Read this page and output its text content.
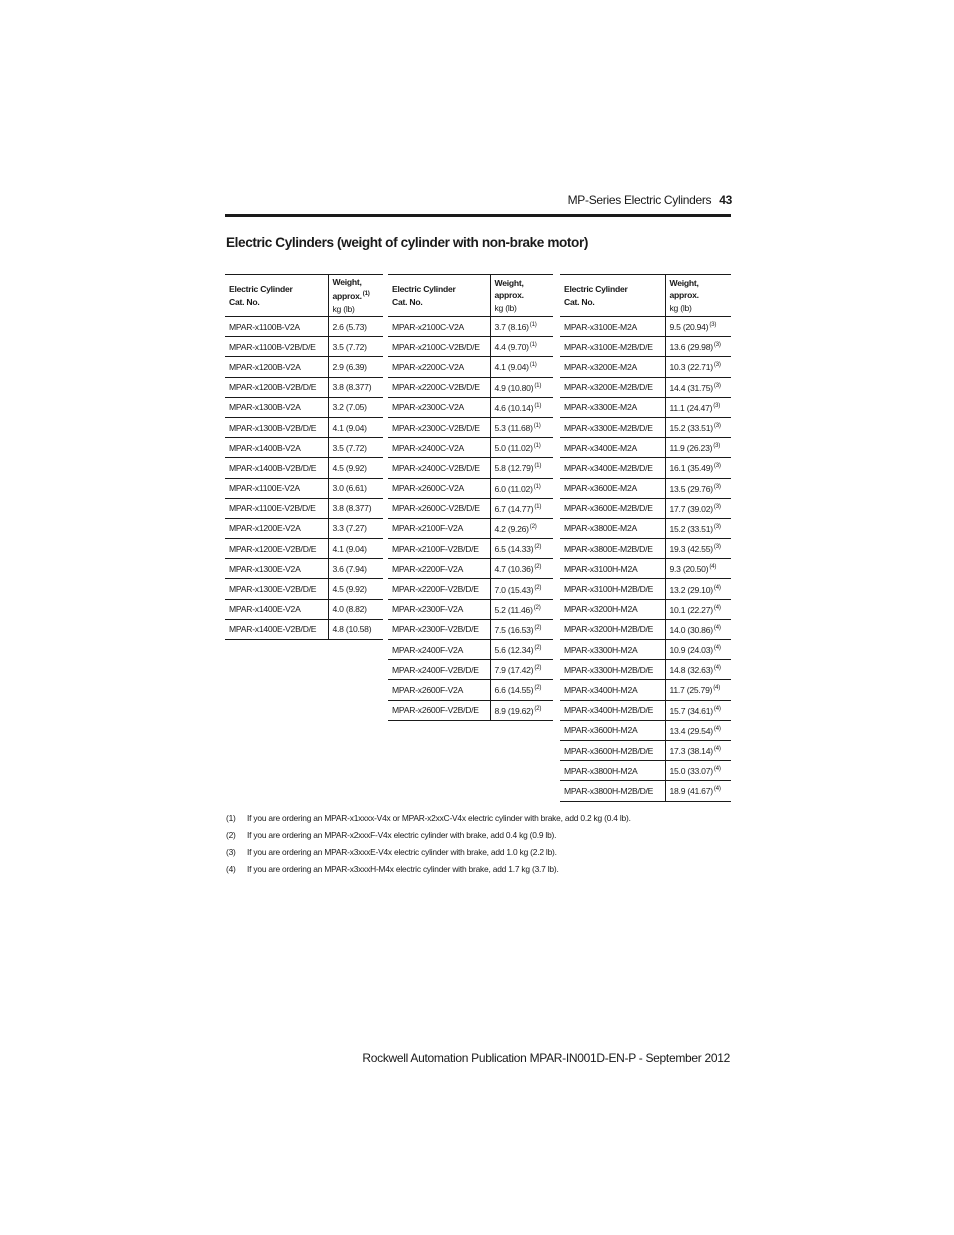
MP-Series Electric Cylinders 43
Electric Cylinders (weight of cylinder with non-brake motor)
Electric Cylinder
Cat. No.	Weight,
approx.$^{(1)}$
kg (lb)

MPAR-x1100B-V2A	2.6 (5.73)
MPAR-x1100B-V2B/D/E	3.5 (7.72)
MPAR-x1200B-V2A	2.9 (6.39)
MPAR-x1200B-V2B/D/E	3.8 (8.377)
MPAR-x1300B-V2A	3.2 (7.05)
MPAR-x1300B-V2B/D/E	4.1 (9.04)
MPAR-x1400B-V2A	3.5 (7.72)
MPAR-x1400B-V2B/D/E	4.5 (9.92)
MPAR-x1100E-V2A	3.0 (6.61)
MPAR-x1100E-V2B/D/E	3.8 (8.377)
MPAR-x1200E-V2A	3.3 (7.27)
MPAR-x1200E-V2B/D/E	4.1 (9.04)
MPAR-x1300E-V2A	3.6 (7.94)
MPAR-x1300E-V2B/D/E	4.5 (9.92)
MPAR-x1400E-V2A	4.0 (8.82)
MPAR-x1400E-V2B/D/E	4.8 (10.58)
Electric Cylinder
Cat. No.	Weight,
approx.
kg (lb)

MPAR-x2100C-V2A	3.7 $(8.16)^{(1)}$
MPAR-x2100C-V2B/D/E	4.4 $(9.70)^{(1)}$
MPAR-x2200C-V2A	4.1 $(9.04)^{(1)}$
MPAR-x2200C-V2B/D/E	4.9 $(10.80)^{(1)}$
MPAR-x2300C-V2A	4.6 $(10.14)^{(1)}$
MPAR-x2300C-V2B/D/E	5.3 $(11.68)^{(1)}$
MPAR-x2400C-V2A	5.0 $(11.02)^{(1)}$
MPAR-x2400C-V2B/D/E	5.8 $(12.79)^{(1)}$
MPAR-x2600C-V2A	6.0 $(11.02)^{(1)}$
MPAR-x2600C-V2B/D/E	6.7 $(14.77)^{(1)}$
MPAR-x2100F-V2A	4.2 $(9.26)^{(2)}$
MPAR-x2100F-V2B/D/E	6.5 $(14.33)^{(2)}$
MPAR-x2200F-V2A	4.7 $(10.36)^{(2)}$
MPAR-x2200F-V2B/D/E	7.0 $(15.43)^{(2)}$
MPAR-x2300F-V2A	5.2 $(11.46)^{(2)}$
MPAR-x2300F-V2B/D/E	7.5 $(16.53)^{(2)}$
MPAR-x2400F-V2A	5.6 $(12.34)^{(2)}$
MPAR-x2400F-V2B/D/E	7.9 $(17.42)^{(2)}$
MPAR-x2600F-V2A	6.6 $(14.55)^{(2)}$
MPAR-x2600F-V2B/D/E	8.9 $(19.62)^{(2)}$
Electric Cylinder
Cat. No.	Weight,
approx.
kg (lb)

MPAR-x3100E-M2A	9.5 $(20.94)^{(3)}$
MPAR-x3100E-M2B/D/E	13.6 $(29.98)^{(3)}$
MPAR-x3200E-M2A	10.3 $(22.71)^{(3)}$
MPAR-x3200E-M2B/D/E	14.4 $(31.75)^{(3)}$
MPAR-x3300E-M2A	11.1 $(24.47)^{(3)}$
MPAR-x3300E-M2B/D/E	15.2 $(33.51)^{(3)}$
MPAR-x3400E-M2A	11.9 $(26.23)^{(3)}$
MPAR-x3400E-M2B/D/E	16.1 $(35.49)^{(3)}$
MPAR-x3600E-M2A	13.5 $(29.76)^{(3)}$
MPAR-x3600E-M2B/D/E	17.7 $(39.02)^{(3)}$
MPAR-x3800E-M2A	15.2 $(33.51)^{(3)}$
MPAR-x3800E-M2B/D/E	19.3 $(42.55)^{(3)}$
MPAR-x3100H-M2A	9.3 $(20.50)^{(4)}$
MPAR-x3100H-M2B/D/E	13.2 $(29.10)^{(4)}$
MPAR-x3200H-M2A	10.1 $(22.27)^{(4)}$
MPAR-x3200H-M2B/D/E	14.0 $(30.86)^{(4)}$
MPAR-x3300H-M2A	10.9 $(24.03)^{(4)}$
MPAR-x3300H-M2B/D/E	14.8 $(32.63)^{(4)}$
MPAR-x3400H-M2A	11.7 $(25.79)^{(4)}$
MPAR-x3400H-M2B/D/E	15.7 $(34.61)^{(4)}$
MPAR-x3600H-M2A	13.4 $(29.54)^{(4)}$
MPAR-x3600H-M2B/D/E	17.3 $(38.14)^{(4)}$
MPAR-x3800H-M2A	15.0 $(33.07)^{(4)}$
MPAR-x3800H-M2B/D/E	18.9 $(41.67)^{(4)}$
(1) If you are ordering an MPAR-x1xxxx-V4x or MPAR-x2xxC-V4x electric cylinder with brake, add 0.2 kg (0.4 lb).
(2) If you are ordering an MPAR-x2xxxF-V4x electric cylinder with brake, add 0.4 kg (0.9 lb).
(3) If you are ordering an MPAR-x3xxxE-V4x electric cylinder with brake, add 1.0 kg (2.2 lb).
(4) If you are ordering an MPAR-x3xxxH-M4x electric cylinder with brake, add 1.7 kg (3.7 lb).
Rockwell Automation Publication MPAR-IN001D-EN-P - September 2012
